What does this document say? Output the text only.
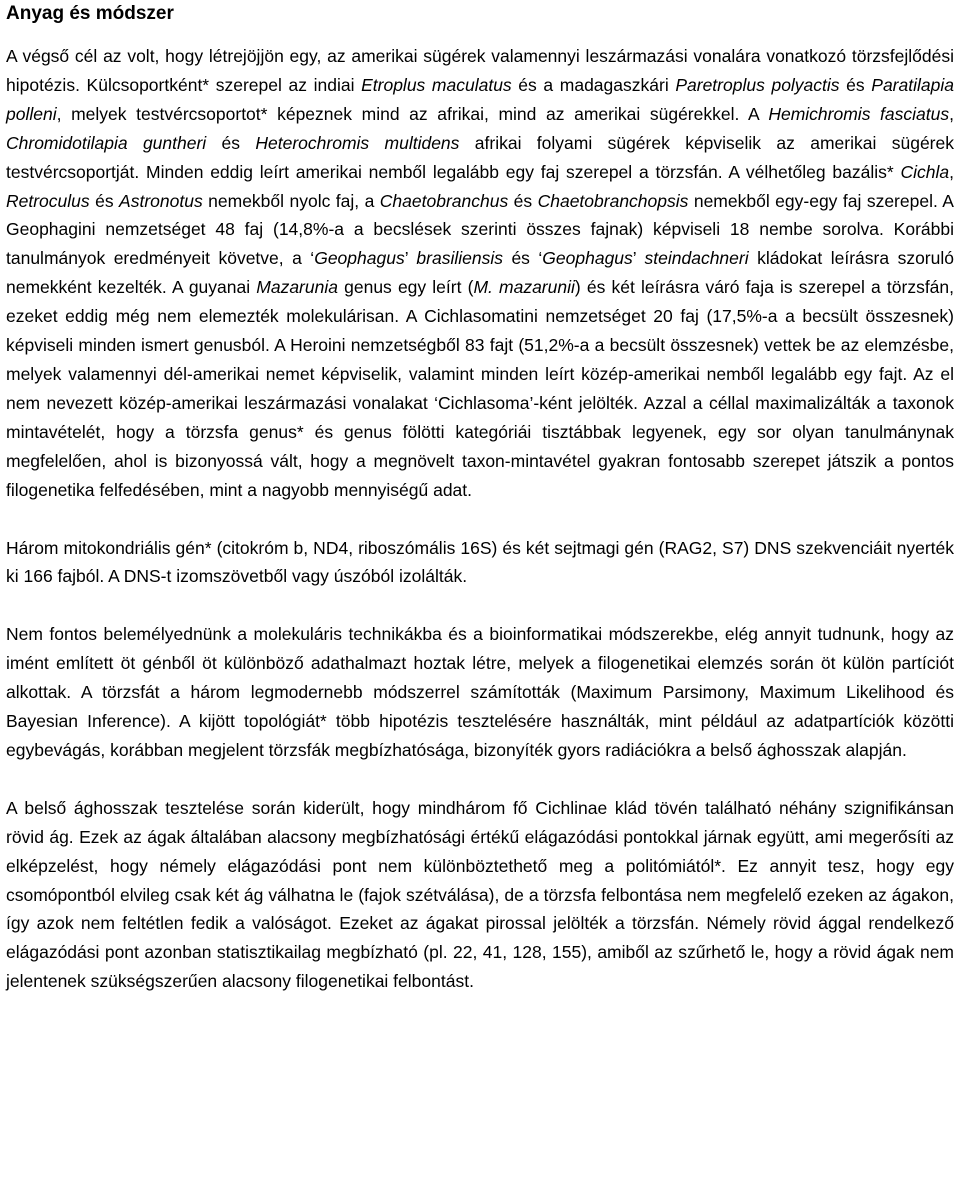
Anyag és módszer

A végső cél az volt, hogy létrejöjjön egy, az amerikai sügérek valamennyi leszármazási vonalára vonatkozó törzsfejlődési hipotézis. Külcsoportként* szerepel az indiai Etroplus maculatus és a madagaszkári Paretroplus polyactis és Paratilapia polleni, melyek testvércsoportot* képeznek mind az afrikai, mind az amerikai sügérekkel. A Hemichromis fasciatus, Chromidotilapia guntheri és Heterochromis multidens afrikai folyami sügérek képviselik az amerikai sügérek testvércsoportját. Minden eddig leírt amerikai nemből legalább egy faj szerepel a törzsfán. A vélhetőleg bazális* Cichla, Retroculus és Astronotus nemekből nyolc faj, a Chaetobranchus és Chaetobranchopsis nemekből egy-egy faj szerepel. A Geophagini nemzetséget 48 faj (14,8%-a a becslések szerinti összes fajnak) képviseli 18 nembe sorolva. Korábbi tanulmányok eredményeit követve, a ‘Geophagus’ brasiliensis és ‘Geophagus’ steindachneri kládokat leírásra szoruló nemekként kezelték. A guyanai Mazarunia genus egy leírt (M. mazarunii) és két leírásra váró faja is szerepel a törzsfán, ezeket eddig még nem elemezték molekulárisan. A Cichlasomatini nemzetséget 20 faj (17,5%-a a becsült összesnek) képviseli minden ismert genusból. A Heroini nemzetségből 83 fajt (51,2%-a a becsült összesnek) vettek be az elemzésbe, melyek valamennyi dél-amerikai nemet képviselik, valamint minden leírt közép-amerikai nemből legalább egy fajt. Az el nem nevezett közép-amerikai leszármazási vonalakat ‘Cichlasoma’-ként jelölték. Azzal a céllal maximalizálták a taxonok mintavételét, hogy a törzsfa genus* és genus fölötti kategóriái tisztábbak legyenek, egy sor olyan tanulmánynak megfelelően, ahol is bizonyossá vált, hogy a megnövelt taxon-mintavétel gyakran fontosabb szerepet játszik a pontos filogenetika felfedésében, mint a nagyobb mennyiségű adat.

Három mitokondriális gén* (citokróm b, ND4, riboszómális 16S) és két sejtmagi gén (RAG2, S7) DNS szekvenciáit nyerték ki 166 fajból. A DNS-t izomszövetből vagy úszóból izolálták.

Nem fontos belemélyednünk a molekuláris technikákba és a bioinformatikai módszerekbe, elég annyit tudnunk, hogy az imént említett öt génből öt különböző adathalmazt hoztak létre, melyek a filogenetikai elemzés során öt külön partíciót alkottak. A törzsfát a három legmodernebb módszerrel számították (Maximum Parsimony, Maximum Likelihood és Bayesian Inference). A kijött topológiát* több hipotézis tesztelésére használták, mint például az adatpartíciók közötti egybevágás, korábban megjelent törzsfák megbízhatósága, bizonyíték gyors radiációkra a belső ághosszak alapján.

A belső ághosszak tesztelése során kiderült, hogy mindhárom fő Cichlinae klád tövén található néhány szignifikánsan rövid ág. Ezek az ágak általában alacsony megbízhatósági értékű elágazódási pontokkal járnak együtt, ami megerősíti az elképzelést, hogy némely elágazódási pont nem különböztethető meg a politómiától*. Ez annyit tesz, hogy egy csomópontból elvileg csak két ág válhatna le (fajok szétválása), de a törzsfa felbontása nem megfelelő ezeken az ágakon, így azok nem feltétlen fedik a valóságot. Ezeket az ágakat pirossal jelölték a törzsfán. Némely rövid ággal rendelkező elágazódási pont azonban statisztikailag megbízható (pl. 22, 41, 128, 155), amiből az szűrhető le, hogy a rövid ágak nem jelentenek szükségszerűen alacsony filogenetikai felbontást.
